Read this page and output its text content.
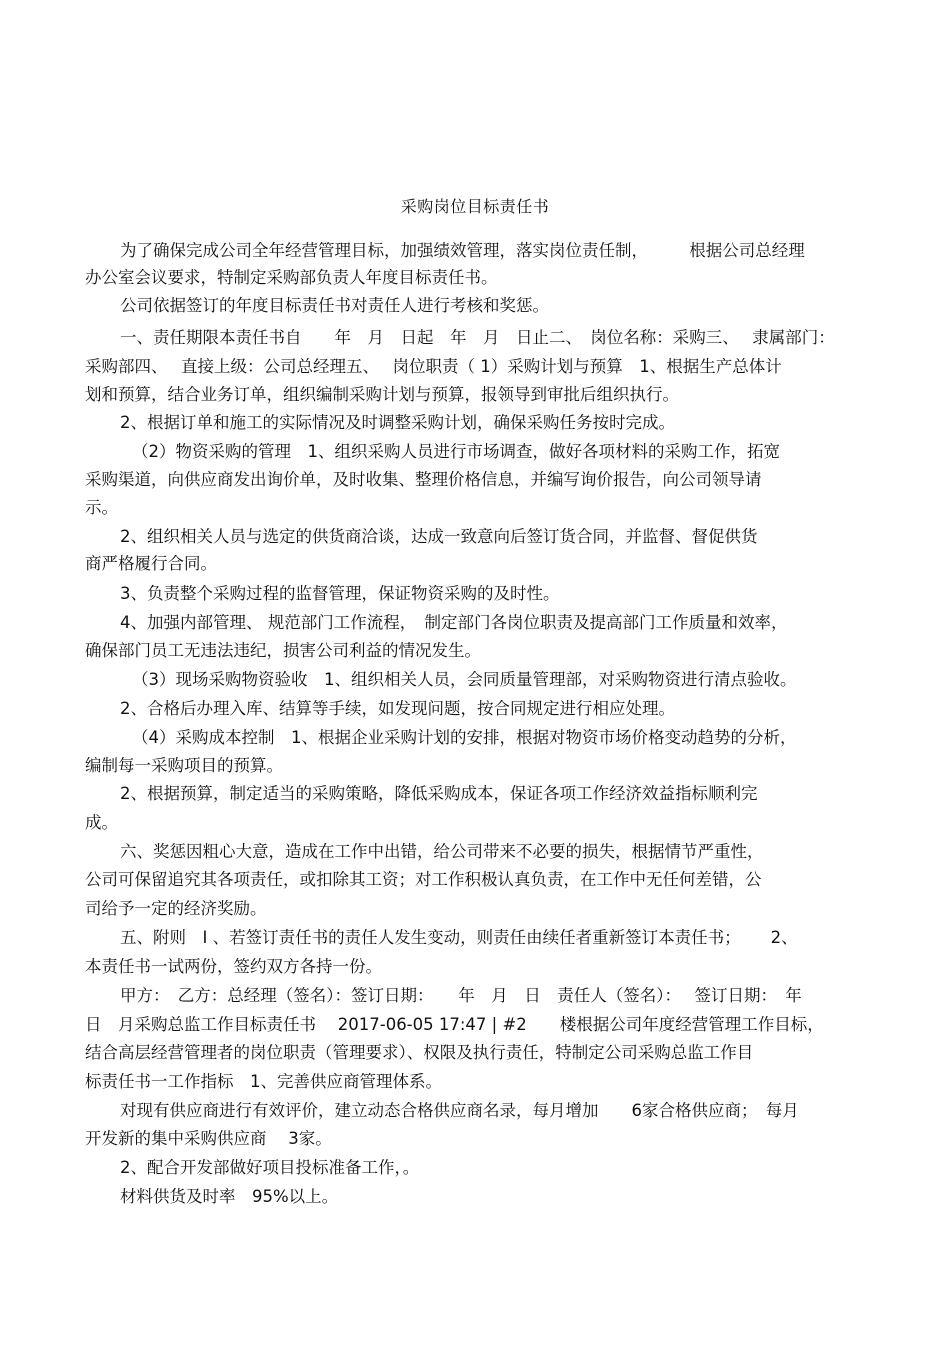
采购岗位目标责任书
为了确保完成公司全年经营管理目标，加强绩效管理，落实岗位责任制，　　　根据公司总经理
办公室会议要求，特制定采购部负责人年度目标责任书。
公司依据签订的年度目标责任书对责任人进行考核和奖惩。
一、责任期限本责任书自　　年　月　日起　年　月　日止二、　岗位名称：采购三、　 隶属部门：
采购部四、　 直接上级：公司总经理五、　 岗位职责（ 1）采购计划与预算　1、根据生产总体计
划和预算，结合业务订单，组织编制采购计划与预算，报领导到审批后组织执行。
2、根据订单和施工的实际情况及时调整采购计划，确保采购任务按时完成。
（2）物资采购的管理　1、组织采购人员进行市场调查，做好各项材料的采购工作，拓宽
采购渠道，向供应商发出询价单，及时收集、整理价格信息，并编写询价报告，向公司领导请
示。
2、组织相关人员与选定的供货商洽谈，达成一致意向后签订货合同，并监督、督促供货
商严格履行合同。
3、负责整个采购过程的监督管理，保证物资采购的及时性。
4、加强内部管理、 规范部门工作流程，　制定部门各岗位职责及提高部门工作质量和效率，
确保部门员工无违法违纪，损害公司利益的情况发生。
（3）现场采购物资验收　1、组织相关人员，会同质量管理部，对采购物资进行清点验收。
2、合格后办理入库、结算等手续，如发现问题，按合同规定进行相应处理。
（4）采购成本控制　1、根据企业采购计划的安排，根据对物资市场价格变动趋势的分析，
编制每一采购项目的预算。
2、根据预算，制定适当的采购策略，降低采购成本，保证各项工作经济效益指标顺利完
成。
六、奖惩因粗心大意，造成在工作中出错，给公司带来不必要的损失，根据情节严重性，
公司可保留追究其各项责任，或扣除其工资；对工作积极认真负责，在工作中无任何差错，公
司给予一定的经济奖励。
五、附则　I 、若签订责任书的责任人发生变动，则责任由续任者重新签订本责任书；　　 2、
本责任书一试两份，签约双方各持一份。
甲方：　乙方：总经理（签名）：签订日期：　　年　月　日　责任人（签名）：　 签订日期：　年
日　月采购总监工作目标责任书　 2017-06-05 17:47 | #2　　楼根据公司年度经营管理工作目标，
结合高层经营管理者的岗位职责（管理要求）、权限及执行责任，特制定公司采购总监工作目
标责任书一工作指标　1、完善供应商管理体系。
对现有供应商进行有效评价，建立动态合格供应商名录，每月增加　　6家合格供应商；　每月
开发新的集中采购供应商　 3家。
2、配合开发部做好项目投标准备工作，。
材料供货及时率　95%以上。
